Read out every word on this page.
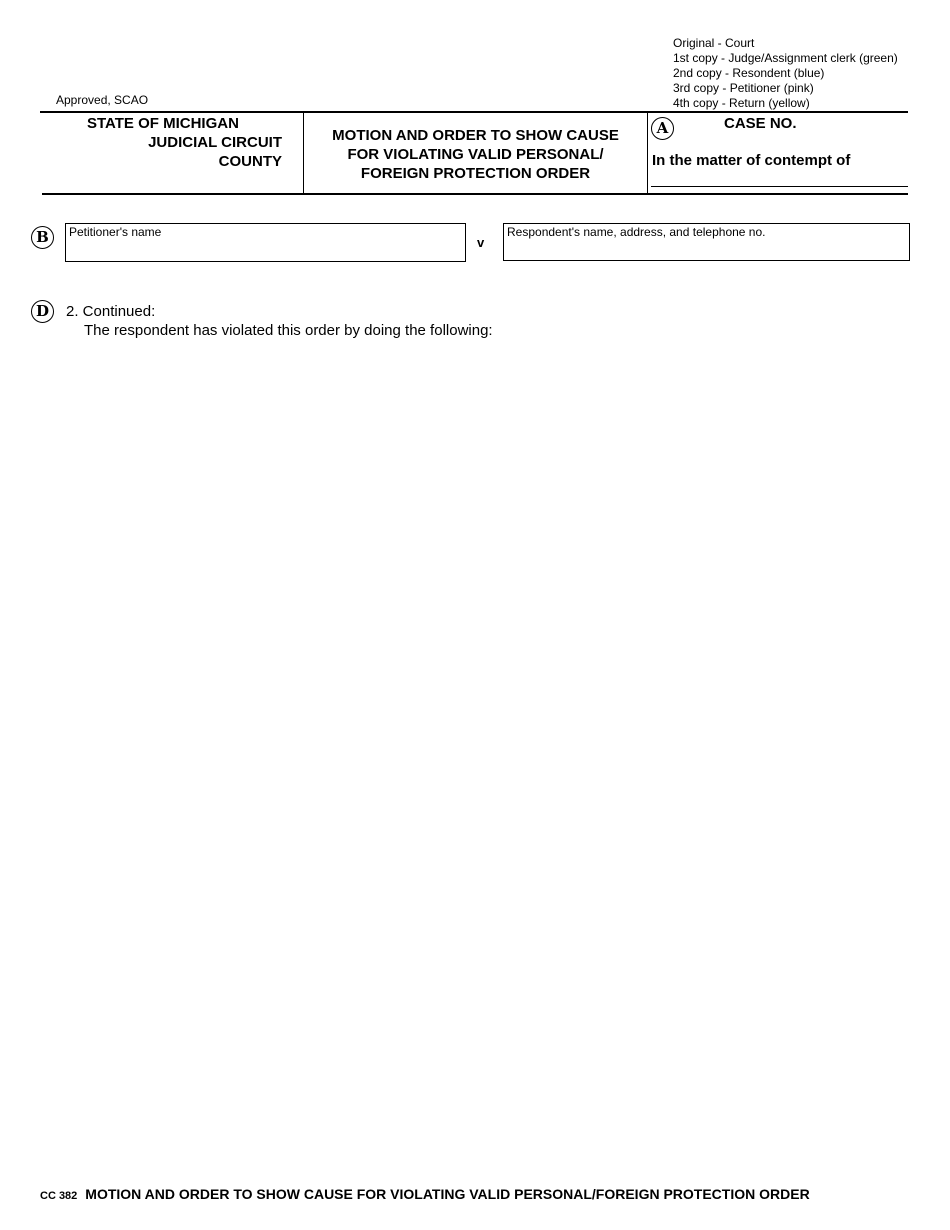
Original - Court
1st copy - Judge/Assignment clerk (green)
2nd copy - Resondent (blue)
3rd copy - Petitioner (pink)
4th copy - Return (yellow)
Approved, SCAO
STATE OF MICHIGAN
JUDICIAL CIRCUIT
COUNTY
MOTION AND ORDER TO SHOW CAUSE
FOR VIOLATING VALID PERSONAL/
FOREIGN PROTECTION ORDER
A	CASE NO.
In the matter of contempt of
B	Petitioner's name
v
Respondent's name, address, and telephone no.
D	2. Continued:
The respondent has violated this order by doing the following:
CC 382 MOTION AND ORDER TO SHOW CAUSE FOR VIOLATING VALID PERSONAL/FOREIGN PROTECTION ORDER
